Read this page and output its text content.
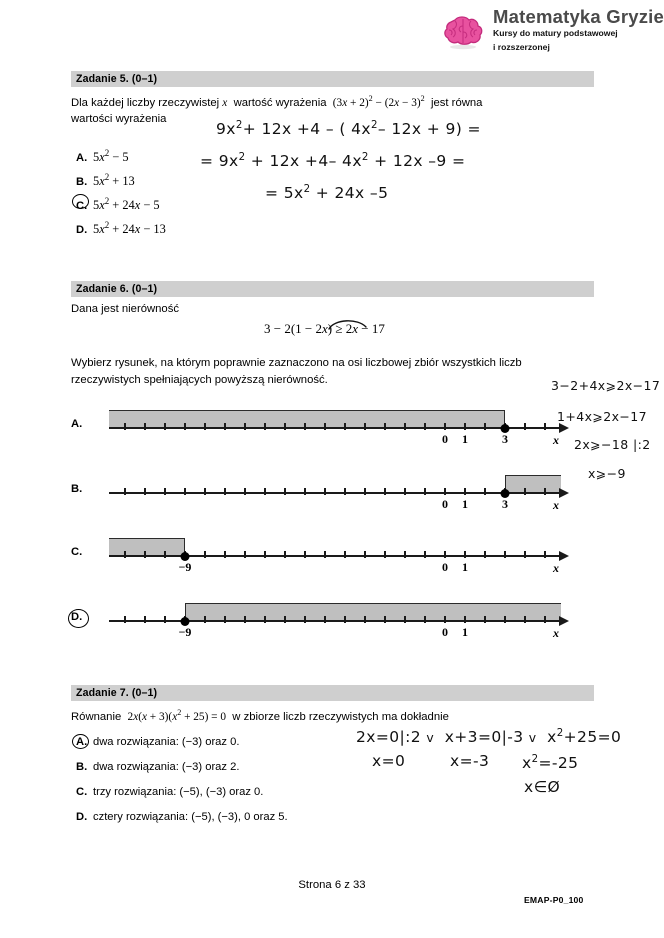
Matematyka Gryzie
Kursy do matury podstawowej
i rozszerzonej
Zadanie 5. (0–1)
Dla każdej liczby rzeczywistej x wartość wyrażenia $(3x + 2)^2 - (2x - 3)^2$ jest równa
wartości wyrażenia
A. $5x^2 - 5$
B. $5x^2 + 13$
C. $5x^2 + 24x - 5$
D. $5x^2 + 24x - 13$
$9x^2+ 12x +4$ – ( $4x^2-$ 12x + 9) =
= $9x^2 + 12x +4-$ $4x^2 + 12x$ –9 =
= $5x^2 + 24x$ –5
Zadanie 6. (0–1)
Dana jest nierówność
3 − 2(1 − 2x) ≥ 2x − 17
Wybierz rysunek, na którym poprawnie zaznaczono na osi liczbowej zbiór wszystkich liczb
rzeczywistych spełniających powyższą nierówność.
A.
0 1	3	x
B.
0 1	3	x
C.
−9	0 1	x
D.
−9	0 1	x
3−2+4x⩾2x−17
1+4x⩾2x−17
2x⩾−18 |:2
x⩾−9
Zadanie 7. (0–1)
Równanie $2x(x + 3)(x^2 + 25) = 0$ w zbiorze liczb rzeczywistych ma dokładnie
A. dwa rozwiązania: (−3) oraz 0.
B. dwa rozwiązania: (−3) oraz 2.
C. trzy rozwiązania: (−5), (−3) oraz 0.
D. cztery rozwiązania: (−5), (−3), 0 oraz 5.
2x=0|:2 v  x+3=0|-3 v  $x^2+25=0$
x=0	x=-3 $x^2=-25$
x∈Ø
Strona 6 z 33
EMAP-P0_100
